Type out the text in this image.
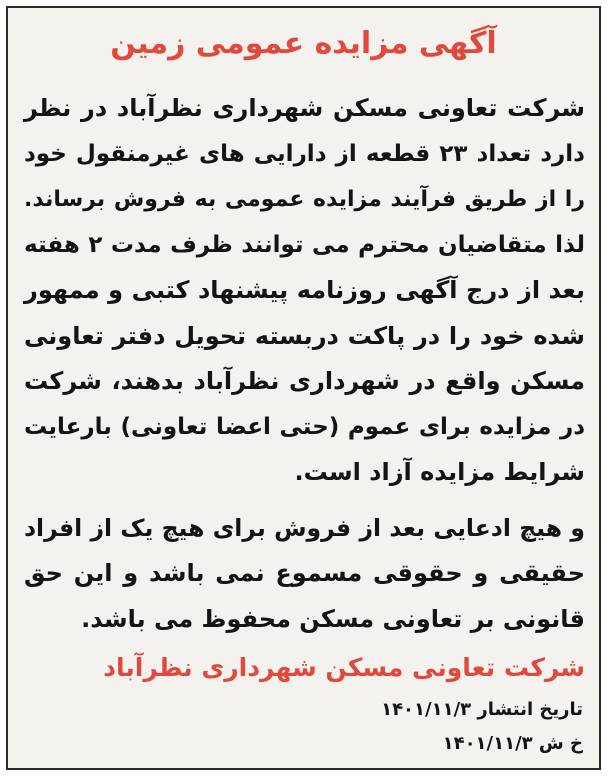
آگهی مزایده عمومی زمین
شرکت تعاونی مسکن شهرداری نظرآباد در نظر
دارد تعداد ۲۳ قطعه از دارایی های غیرمنقول خود
را از طریق فرآیند مزایده عمومی به فروش برساند.
لذا متقاضیان محترم می توانند ظرف مدت ۲ هفته
بعد از درج آگهی روزنامه پیشنهاد کتبی و ممهور
شده خود را در پاکت دربسته تحویل دفتر تعاونی
مسکن واقع در شهرداری نظرآباد بدهند، شرکت
در مزایده برای عموم (حتی اعضا تعاونی) بارعایت
شرایط مزایده آزاد است.
و هیچ ادعایی بعد از فروش برای هیچ یک از افراد
حقیقی و حقوقی مسموع نمی باشد و این حق
قانونی بر تعاونی مسکن محفوظ می باشد.
شرکت تعاونی مسکن شهرداری نظرآباد
تاریخ انتشار ۱۴۰۱/۱۱/۳
خ ش ۱۴۰۱/۱۱/۳
